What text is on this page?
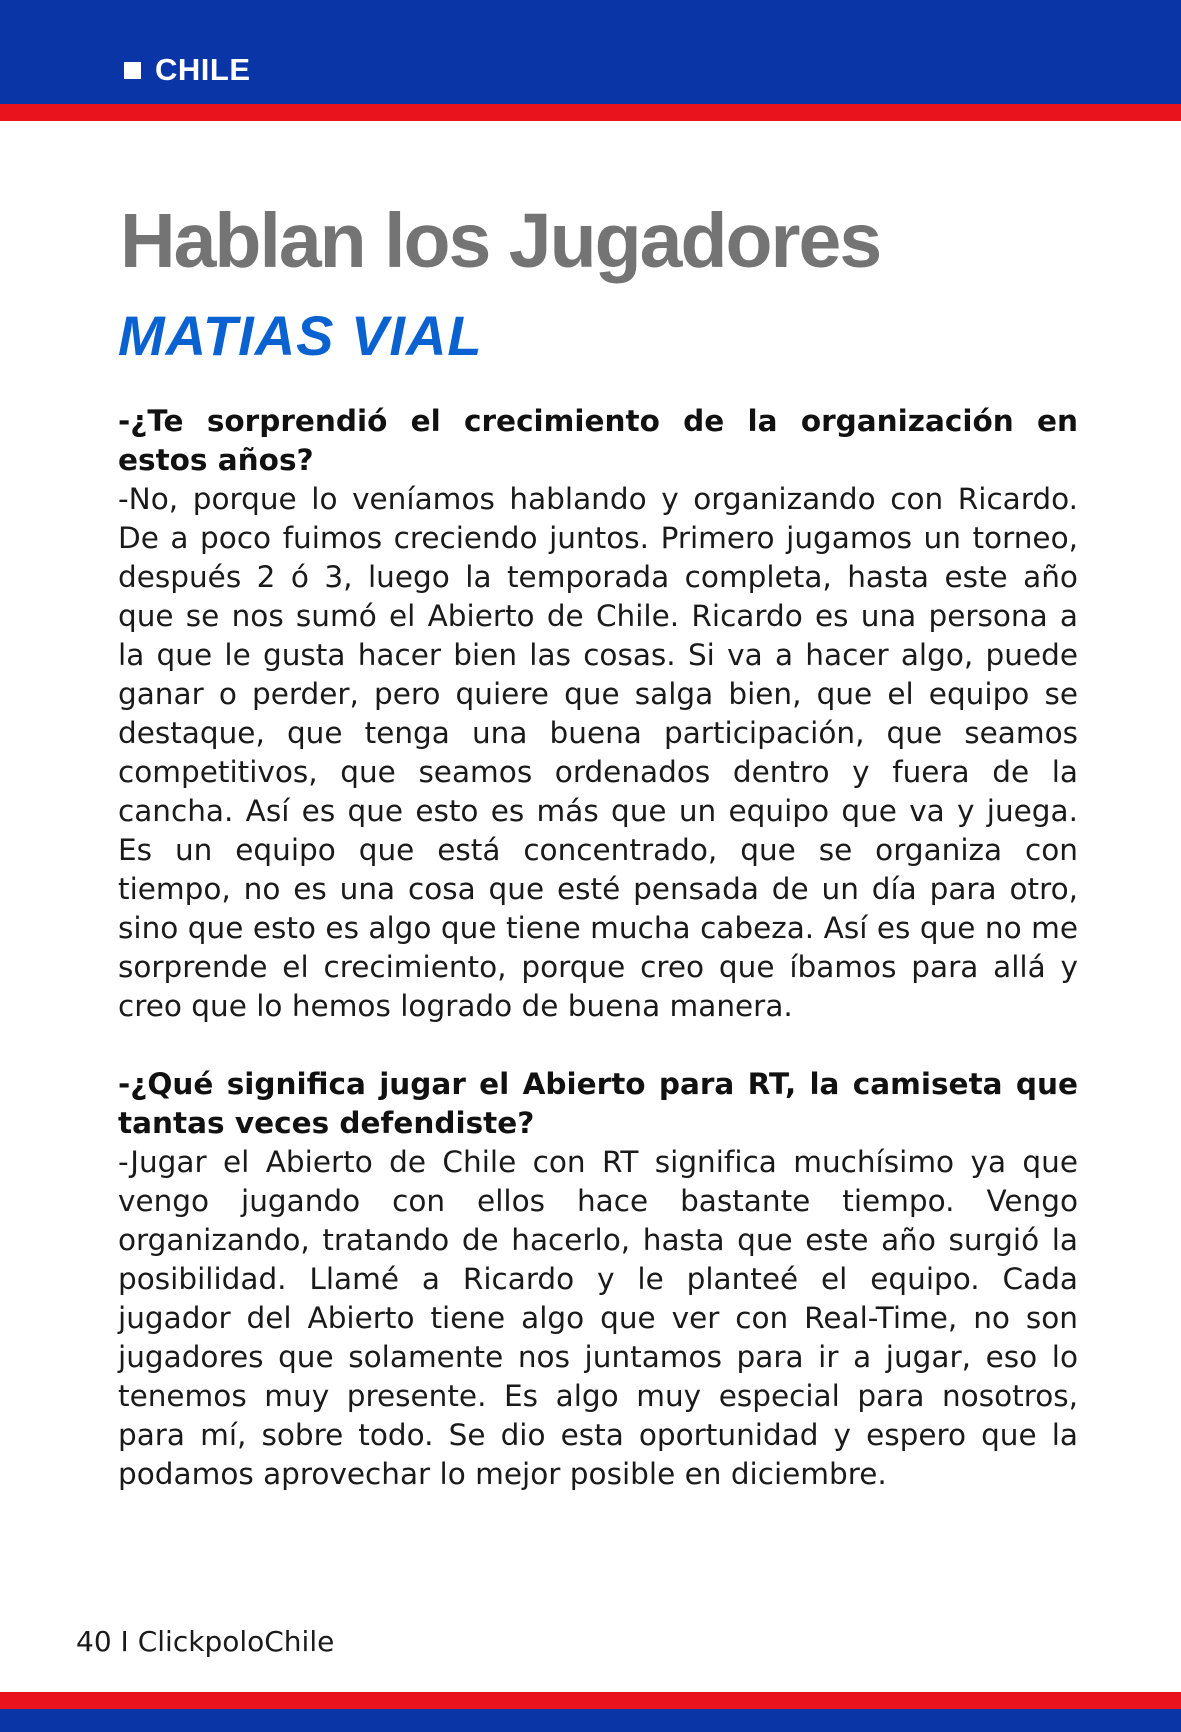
CHILE
Hablan los Jugadores
MATIAS VIAL

-¿Te sorprendió el crecimiento de la organización en estos años?

-No, porque lo veníamos hablando y organizando con Ricardo. De a poco fuimos creciendo juntos. Primero jugamos un torneo, después 2 ó 3, luego la temporada completa, hasta este año que se nos sumó el Abierto de Chile. Ricardo es una persona a la que le gusta hacer bien las cosas. Si va a hacer algo, puede ganar o perder, pero quiere que salga bien, que el equipo se destaque, que tenga una buena participación, que seamos competitivos, que seamos ordenados dentro y fuera de la cancha. Así es que esto es más que un equipo que va y juega. Es un equipo que está concentrado, que se organiza con tiempo, no es una cosa que esté pensada de un día para otro, sino que esto es algo que tiene mucha cabeza. Así es que no me sorprende el crecimiento, porque creo que íbamos para allá y creo que lo hemos logrado de buena manera.

-¿Qué significa jugar el Abierto para RT, la camiseta que tantas veces defendiste?

-Jugar el Abierto de Chile con RT significa muchísimo ya que vengo jugando con ellos hace bastante tiempo. Vengo organizando, tratando de hacerlo, hasta que este año surgió la posibilidad. Llamé a Ricardo y le planteé el equipo. Cada jugador del Abierto tiene algo que ver con Real-Time, no son jugadores que solamente nos juntamos para ir a jugar, eso lo tenemos muy presente. Es algo muy especial para nosotros, para mí, sobre todo. Se dio esta oportunidad y espero que la podamos aprovechar lo mejor posible en diciembre.

40 I ClickpoloChile
